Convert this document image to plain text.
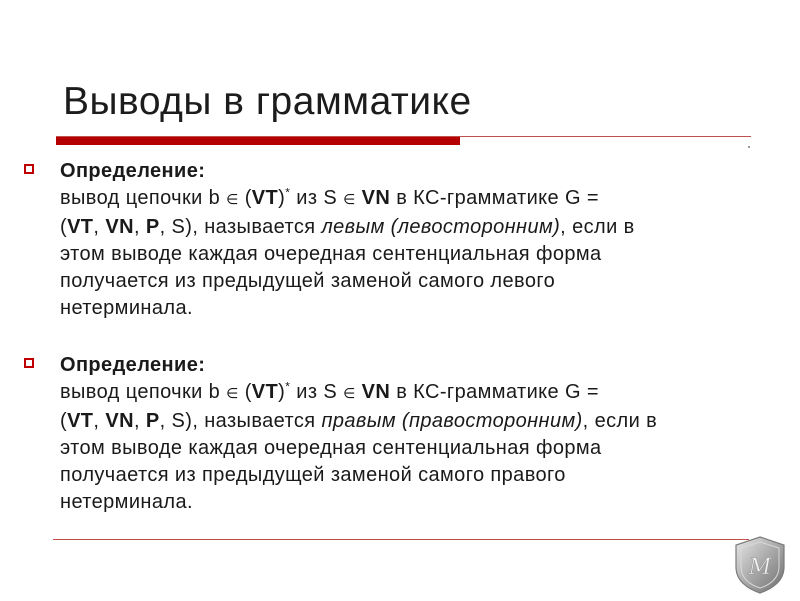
Выводы в грамматике
Определение:
вывод цепочки b ∈ (VT)* из S ∈ VN в КС-грамматике G =
(VT, VN, P, S), называется левым (левосторонним), если в
этом выводе каждая очередная сентенциальная форма
получается из предыдущей заменой самого левого
нетерминала.
Определение:
вывод цепочки b ∈ (VT)* из S ∈ VN в КС-грамматике G =
(VT, VN, P, S), называется правым (правосторонним), если в
этом выводе каждая очередная сентенциальная форма
получается из предыдущей заменой самого правого
нетерминала.
M
